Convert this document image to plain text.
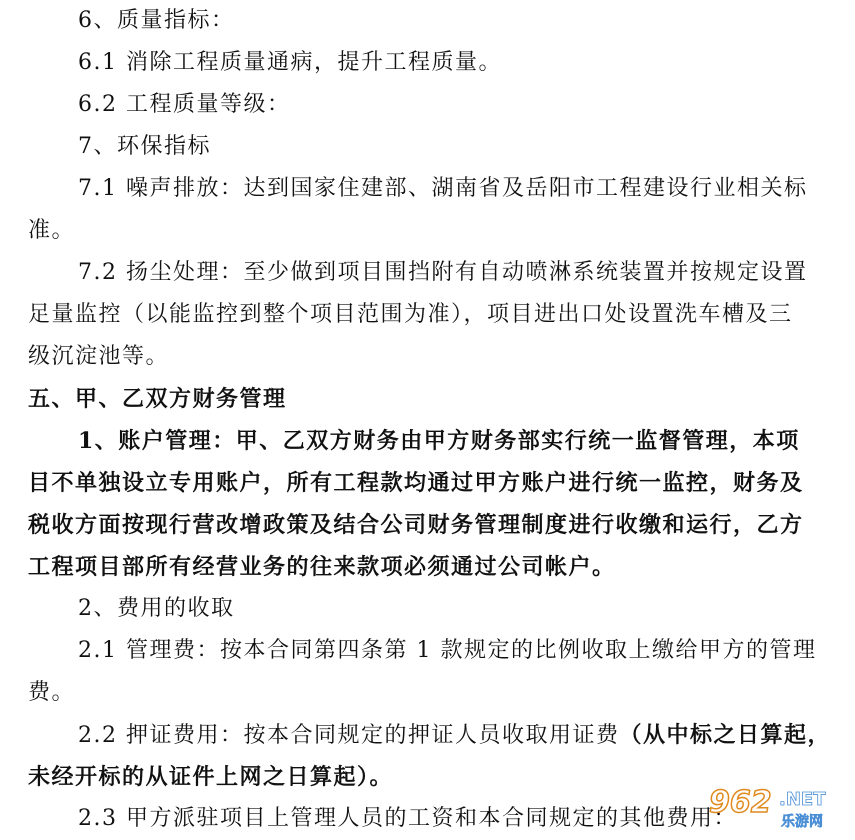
6、质量指标：
6.1 消除工程质量通病，提升工程质量。
6.2 工程质量等级：
7、环保指标
7.1 噪声排放：达到国家住建部、湖南省及岳阳市工程建设行业相关标
准。
7.2 扬尘处理：至少做到项目围挡附有自动喷淋系统装置并按规定设置
足量监控（以能监控到整个项目范围为准），项目进出口处设置洗车槽及三
级沉淀池等。
五、甲、乙双方财务管理
1、账户管理：甲、乙双方财务由甲方财务部实行统一监督管理，本项
目不单独设立专用账户，所有工程款均通过甲方账户进行统一监控，财务及
税收方面按现行营改增政策及结合公司财务管理制度进行收缴和运行，乙方
工程项目部所有经营业务的往来款项必须通过公司帐户。
2、费用的收取
2.1 管理费：按本合同第四条第 1 款规定的比例收取上缴给甲方的管理
费。
2.2 押证费用：按本合同规定的押证人员收取用证费（从中标之日算起，
未经开标的从证件上网之日算起）。
2.3 甲方派驻项目上管理人员的工资和本合同规定的其他费用：
962 .NET
乐游网
